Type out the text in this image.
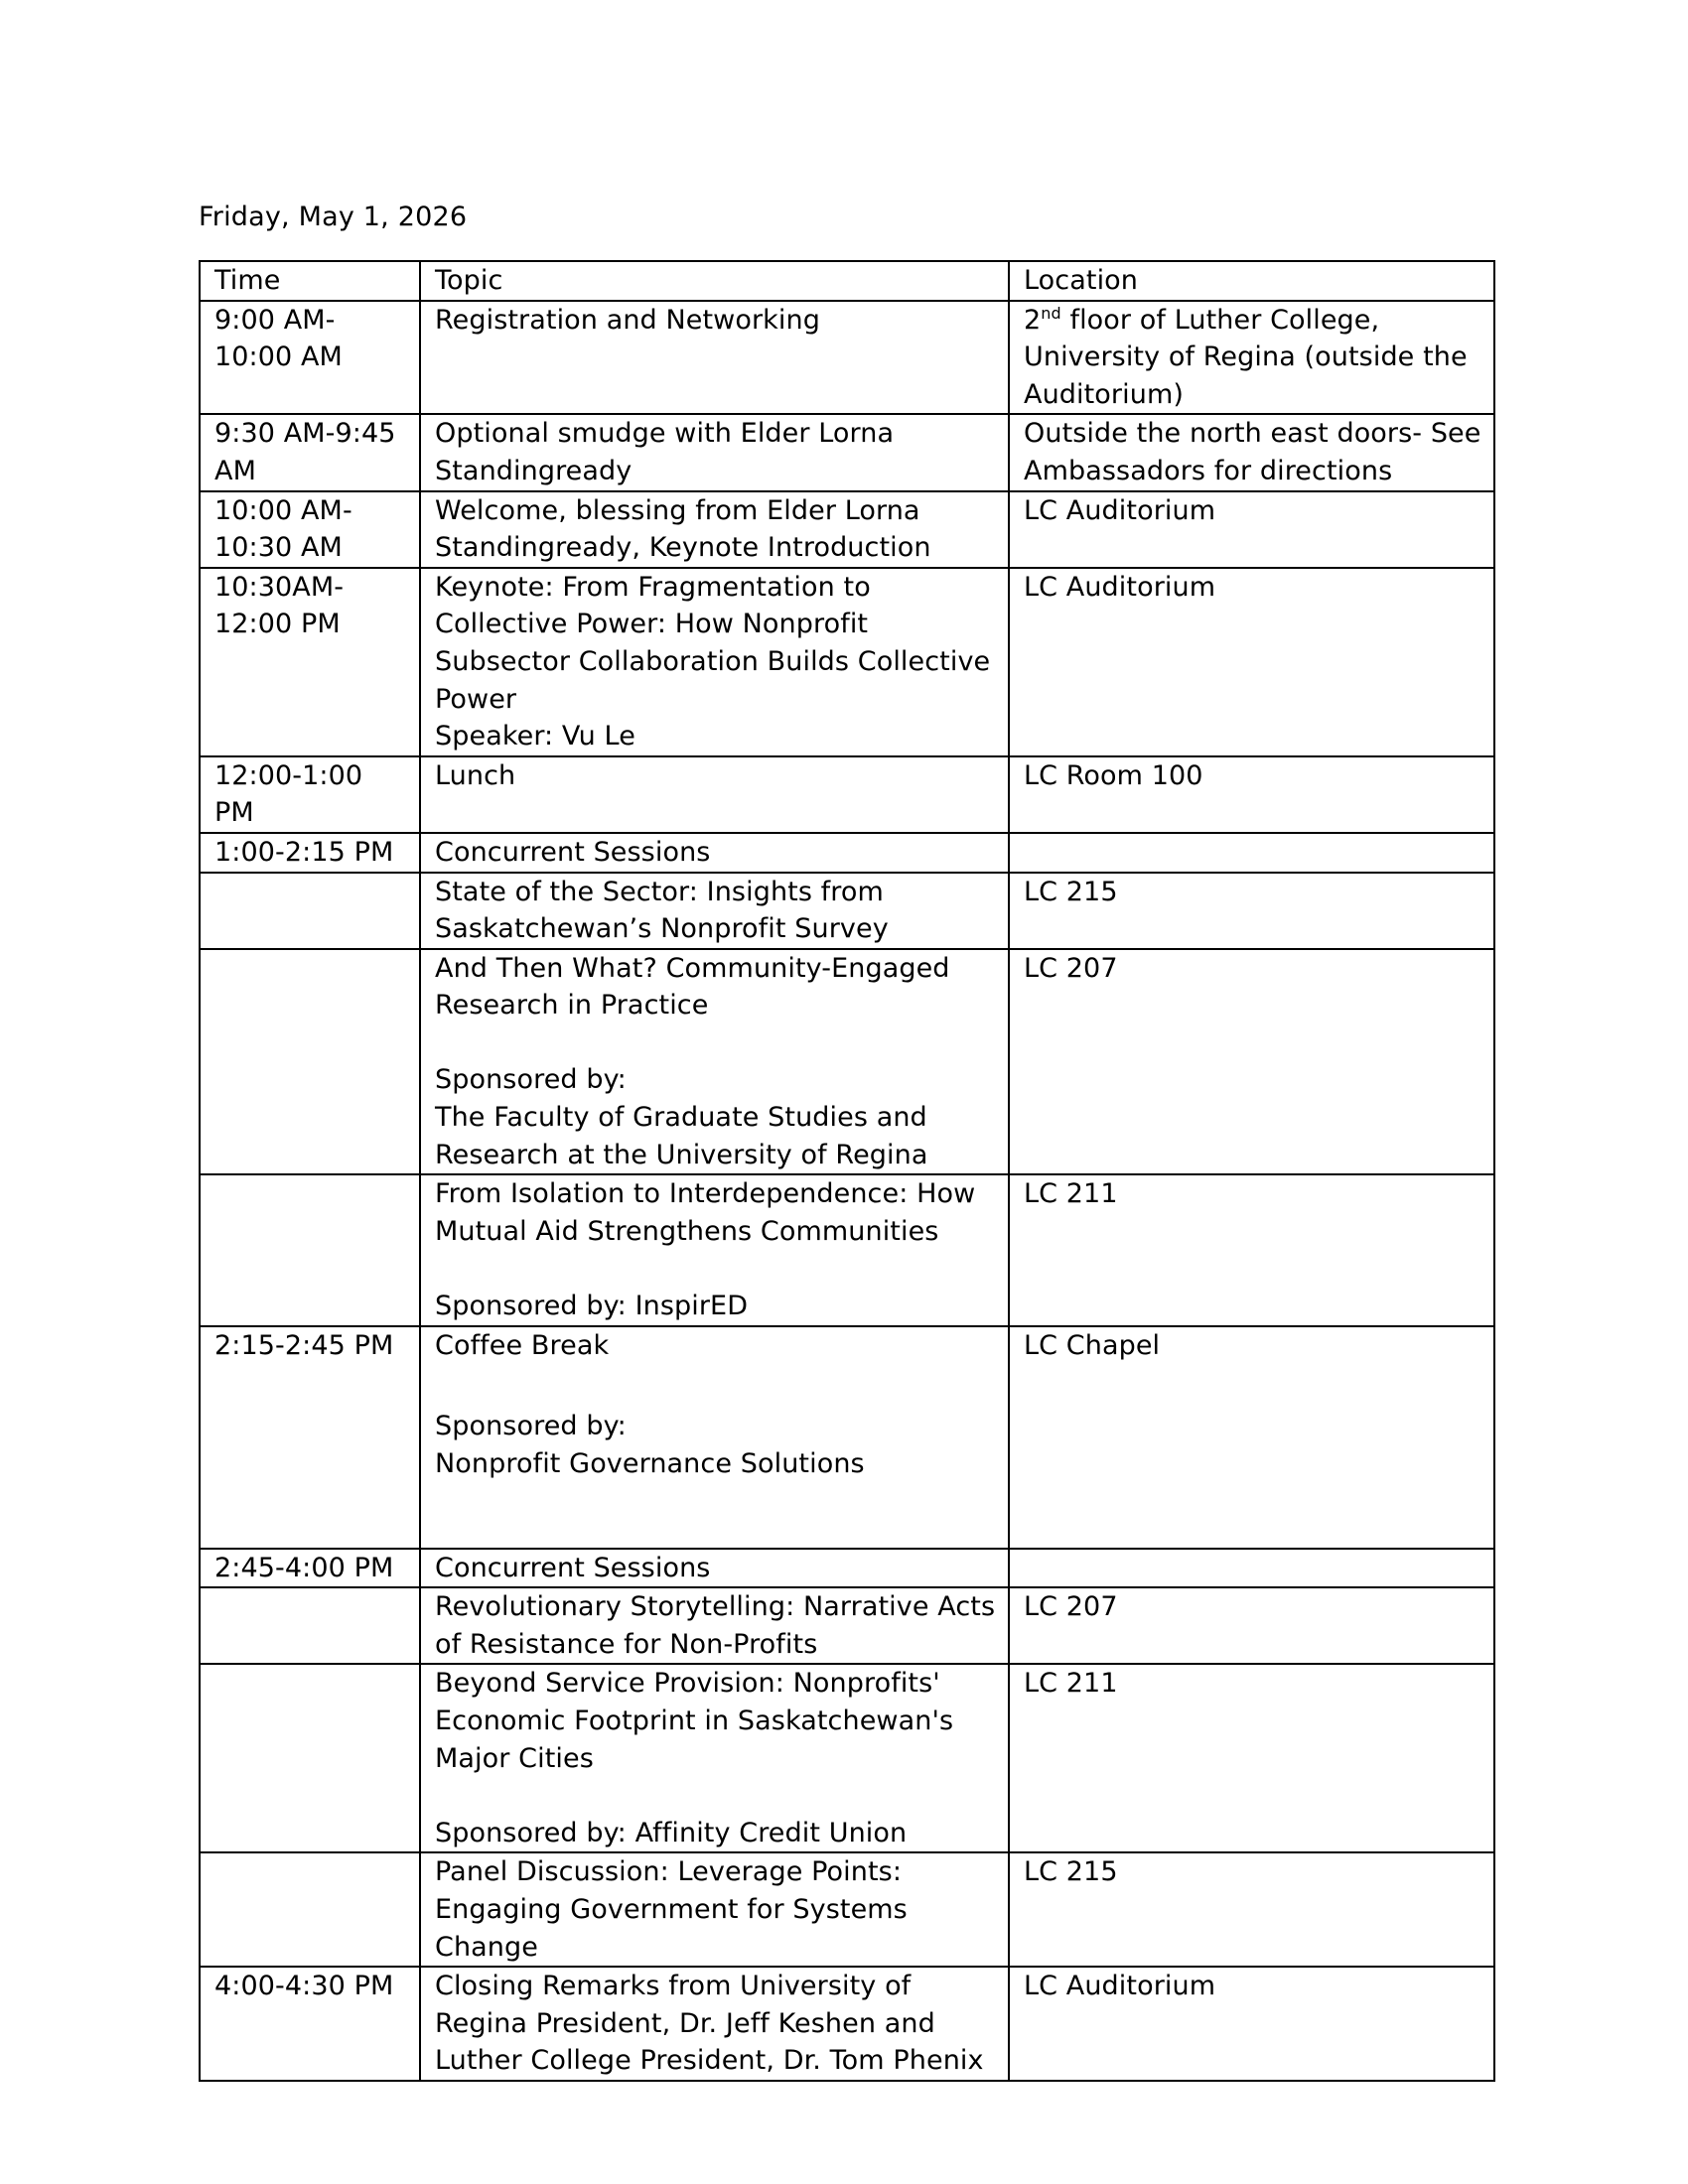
Friday, May 1, 2026
Time	Topic	Location
9:00 AM-10:00 AM	Registration and Networking	2nd floor of Luther College, University of Regina (outside the Auditorium)
9:30 AM-9:45 AM	Optional smudge with Elder Lorna Standingready	Outside the north east doors- See Ambassadors for directions
10:00 AM-10:30 AM	Welcome, blessing from Elder Lorna Standingready, Keynote Introduction	LC Auditorium
10:30AM-12:00 PM	Keynote: From Fragmentation to Collective Power: How Nonprofit Subsector Collaboration Builds Collective Power
Speaker: Vu Le	LC Auditorium
12:00-1:00 PM	Lunch	LC Room 100
1:00-2:15 PM	Concurrent Sessions	
	State of the Sector: Insights from Saskatchewan’s Nonprofit Survey	LC 215

	And Then What? Community-Engaged Research in Practice
Sponsored by:
The Faculty of Graduate Studies and Research at the University of Regina	LC 207

	From Isolation to Interdependence: How Mutual Aid Strengthens Communities
Sponsored by: InspirED	LC 211
2:15-2:45 PM	Coffee Break
Sponsored by:
Nonprofit Governance Solutions	LC Chapel
2:45-4:00 PM	Concurrent Sessions	
	Revolutionary Storytelling: Narrative Acts of Resistance for Non-Profits	LC 207

	Beyond Service Provision: Nonprofits' Economic Footprint in Saskatchewan's Major Cities
Sponsored by: Affinity Credit Union	LC 211
	Panel Discussion: Leverage Points: Engaging Government for Systems Change	LC 215
4:00-4:30 PM	Closing Remarks from University of Regina President, Dr. Jeff Keshen and Luther College President, Dr. Tom Phenix	LC Auditorium
